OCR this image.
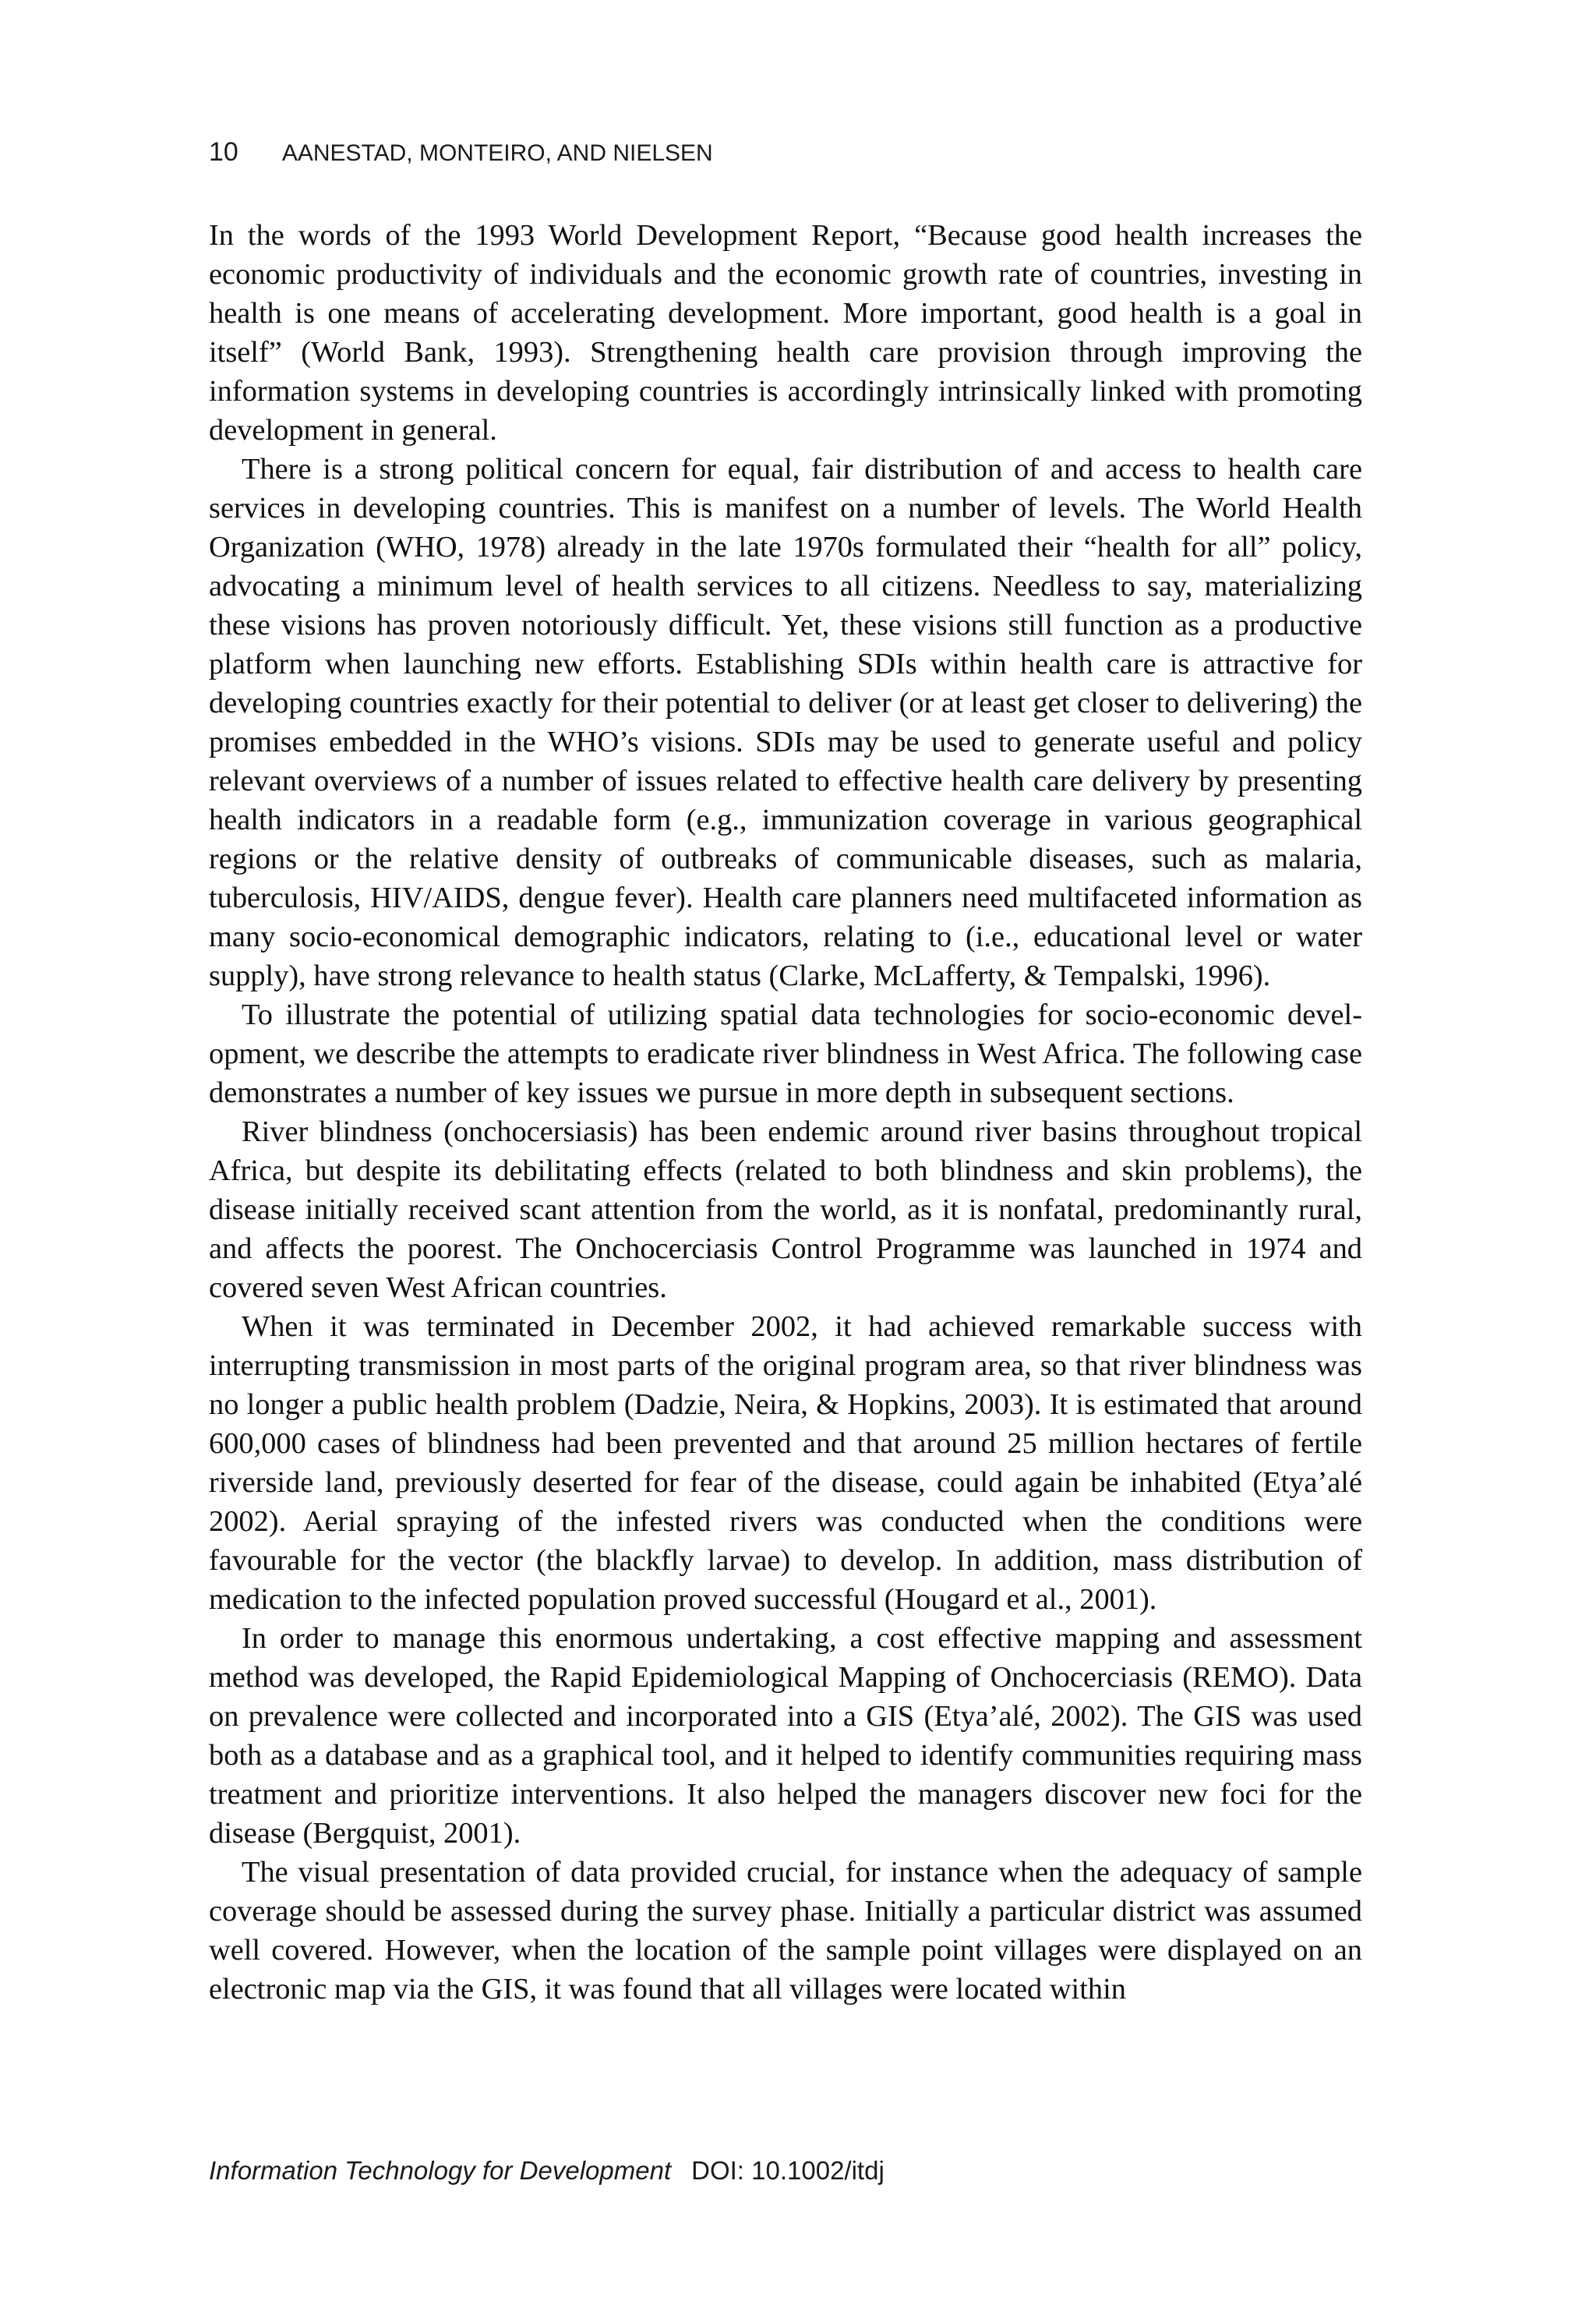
10 AANESTAD, MONTEIRO, AND NIELSEN

In the words of the 1993 World Development Report, “Because good health increases the economic productivity of individuals and the economic growth rate of countries, investing in health is one means of accelerating development. More important, good health is a goal in itself” (World Bank, 1993). Strengthening health care provision through improving the information systems in developing countries is accordingly intrinsically linked with promoting development in general.

There is a strong political concern for equal, fair distribution of and access to health care services in developing countries. This is manifest on a number of levels. The World Health Organization (WHO, 1978) already in the late 1970s formulated their “health for all” policy, advocating a minimum level of health services to all citizens. Needless to say, materializing these visions has proven notoriously difficult. Yet, these visions still function as a productive platform when launching new efforts. Establishing SDIs within health care is attractive for developing countries exactly for their potential to deliver (or at least get closer to delivering) the promises embedded in the WHO’s visions. SDIs may be used to generate useful and policy relevant overviews of a number of issues related to effective health care delivery by presenting health indicators in a readable form (e.g., immunization coverage in various geographical regions or the relative density of outbreaks of communicable diseases, such as malaria, tuberculosis, HIV/AIDS, dengue fever). Health care planners need multifaceted information as many socio-economical demographic indicators, relating to (i.e., educational level or water supply), have strong relevance to health status (Clarke, McLafferty, & Tempalski, 1996).

To illustrate the potential of utilizing spatial data technologies for socio-economic development, we describe the attempts to eradicate river blindness in West Africa. The following case demonstrates a number of key issues we pursue in more depth in subsequent sections.

River blindness (onchocersiasis) has been endemic around river basins throughout tropical Africa, but despite its debilitating effects (related to both blindness and skin problems), the disease initially received scant attention from the world, as it is nonfatal, predominantly rural, and affects the poorest. The Onchocerciasis Control Programme was launched in 1974 and covered seven West African countries.

When it was terminated in December 2002, it had achieved remarkable success with interrupting transmission in most parts of the original program area, so that river blindness was no longer a public health problem (Dadzie, Neira, & Hopkins, 2003). It is estimated that around 600,000 cases of blindness had been prevented and that around 25 million hectares of fertile riverside land, previously deserted for fear of the disease, could again be inhabited (Etya’alé 2002). Aerial spraying of the infested rivers was conducted when the conditions were favourable for the vector (the blackfly larvae) to develop. In addition, mass distribution of medication to the infected population proved successful (Hougard et al., 2001).

In order to manage this enormous undertaking, a cost effective mapping and assessment method was developed, the Rapid Epidemiological Mapping of Onchocerciasis (REMO). Data on prevalence were collected and incorporated into a GIS (Etya’alé, 2002). The GIS was used both as a database and as a graphical tool, and it helped to identify communities requiring mass treatment and prioritize interventions. It also helped the managers discover new foci for the disease (Bergquist, 2001).

The visual presentation of data provided crucial, for instance when the adequacy of sample coverage should be assessed during the survey phase. Initially a particular district was assumed well covered. However, when the location of the sample point villages were displayed on an electronic map via the GIS, it was found that all villages were located within

Information Technology for Development DOI: 10.1002/itdj
